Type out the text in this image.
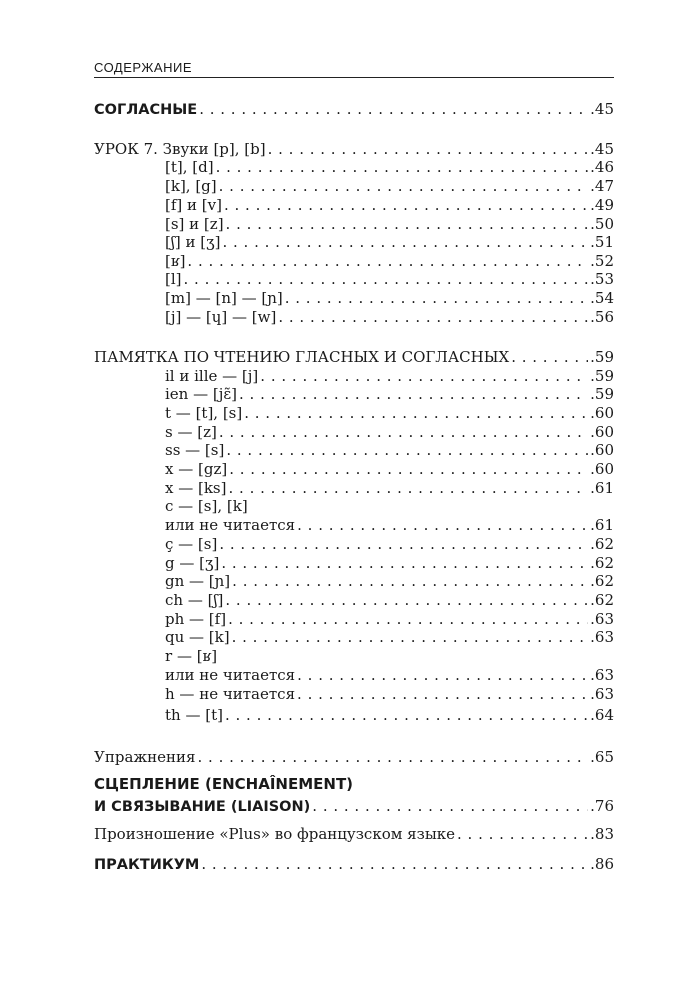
СОДЕРЖАНИЕ
СОГЛАСНЫЕ . . .	.45
УРОК 7. Звуки [p], [b] . . .	.45
[t], [d] . . .	.46
[k], [g] . . .	.47
[f] и [v] . . .	.49
[s] и [z] . . .	.50
[ʃ] и [ʒ] . . .	.51
[ʁ] . . .	.52
[l] . . .	.53
[m] — [n] — [ɲ] . . .	.54
[j] — [ɥ] — [w] . . .	.56
ПАМЯТКА ПО ЧТЕНИЮ ГЛАСНЫХ И СОГЛАСНЫХ . . .	.59
il и ille — [j] . . .	.59
ien — [jɛ̃] . . .	.59
t — [t], [s] . . .	.60
s — [z] . . .	.60
ss — [s] . . .	.60
x — [gz] . . .	.60
x — [ks] . . .	.61
c — [s], [k]
или не читается . . .	.61
ç — [s] . . .	.62
g — [ʒ] . . .	.62
gn — [ɲ] . . .	.62
ch — [ʃ] . . .	.62
ph — [f] . . .	.63
qu — [k] . . .	.63
r — [ʁ]
или не читается . . .	.63
h — не читается . . .	.63
th — [t] . . .	.64
Упражнения . . .	.65
СЦЕПЛЕНИЕ (ENCHAÎNEMENT)
И СВЯЗЫВАНИЕ (LIAISON) . . .	.76
Произношение «Plus» во французском языке . . .	.83
ПРАКТИКУМ . . .	.86
